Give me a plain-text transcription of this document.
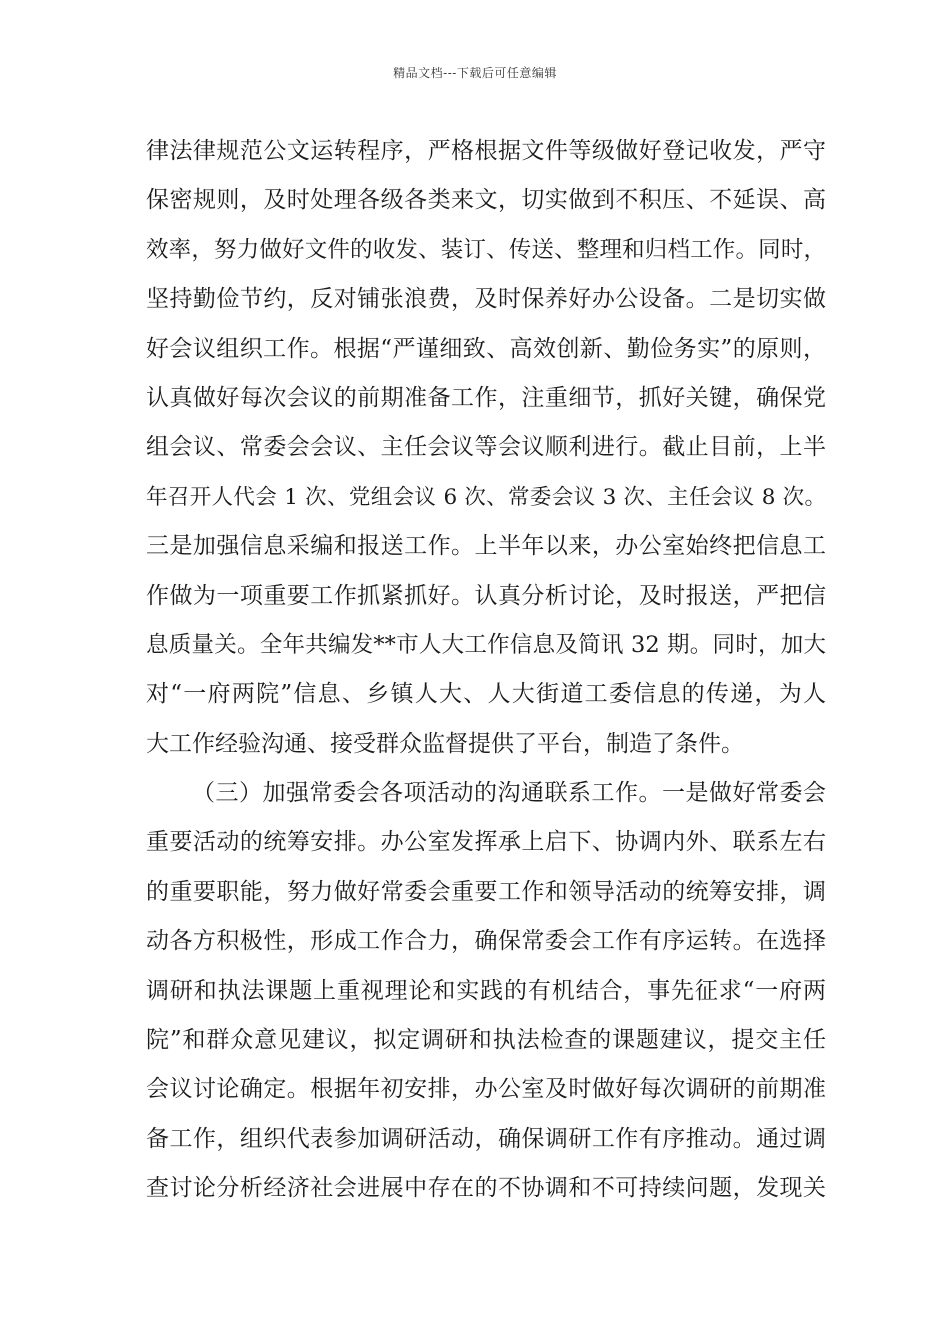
精品文档---下载后可任意编辑
律法律规范公文运转程序，严格根据文件等级做好登记收发，严守
保密规则，及时处理各级各类来文，切实做到不积压、不延误、高
效率，努力做好文件的收发、装订、传送、整理和归档工作。同时，
坚持勤俭节约，反对铺张浪费，及时保养好办公设备。二是切实做
好会议组织工作。根据“严谨细致、高效创新、勤俭务实”的原则，
认真做好每次会议的前期准备工作，注重细节，抓好关键，确保党
组会议、常委会会议、主任会议等会议顺利进行。截止目前，上半
年召开人代会 1 次、党组会议 6 次、常委会议 3 次、主任会议 8 次。
三是加强信息采编和报送工作。上半年以来，办公室始终把信息工
作做为一项重要工作抓紧抓好。认真分析讨论，及时报送，严把信
息质量关。全年共编发**市人大工作信息及简讯 32 期。同时，加大
对“一府两院”信息、乡镇人大、人大街道工委信息的传递，为人
大工作经验沟通、接受群众监督提供了平台，制造了条件。
（三）加强常委会各项活动的沟通联系工作。一是做好常委会
重要活动的统筹安排。办公室发挥承上启下、协调内外、联系左右
的重要职能，努力做好常委会重要工作和领导活动的统筹安排，调
动各方积极性，形成工作合力，确保常委会工作有序运转。在选择
调研和执法课题上重视理论和实践的有机结合，事先征求“一府两
院”和群众意见建议，拟定调研和执法检查的课题建议，提交主任
会议讨论确定。根据年初安排，办公室及时做好每次调研的前期准
备工作，组织代表参加调研活动，确保调研工作有序推动。通过调
查讨论分析经济社会进展中存在的不协调和不可持续问题，发现关
